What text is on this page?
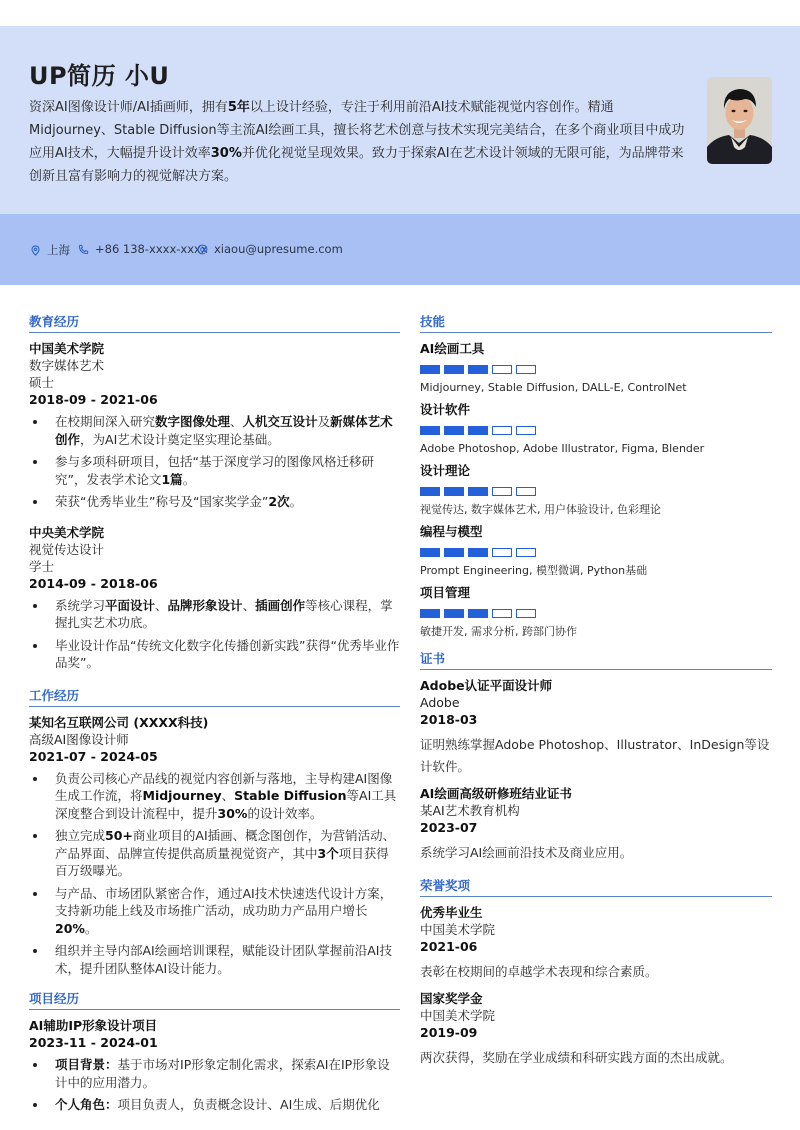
UP简历 小U
资深AI图像设计师/AI插画师，拥有5年以上设计经验，专注于利用前沿AI技术赋能视觉内容创作。精通Midjourney、Stable Diffusion等主流AI绘画工具，擅长将艺术创意与技术实现完美结合，在多个商业项目中成功应用AI技术，大幅提升设计效率30%并优化视觉呈现效果。致力于探索AI在艺术设计领域的无限可能，为品牌带来创新且富有影响力的视觉解决方案。
上海 +86 138-xxxx-xxxx xiaou@upresume.com
教育经历
中国美术学院
数字媒体艺术
硕士
2018-09 - 2021-06
在校期间深入研究数字图像处理、人机交互设计及新媒体艺术创作，为AI艺术设计奠定坚实理论基础。
参与多项科研项目，包括“基于深度学习的图像风格迁移研究”，发表学术论文1篇。
荣获“优秀毕业生”称号及“国家奖学金”2次。
中央美术学院
视觉传达设计
学士
2014-09 - 2018-06
系统学习平面设计、品牌形象设计、插画创作等核心课程，掌握扎实艺术功底。
毕业设计作品“传统文化数字化传播创新实践”获得“优秀毕业作品奖”。
工作经历
某知名互联网公司 (XXXX科技)
高级AI图像设计师
2021-07 - 2024-05
负责公司核心产品线的视觉内容创新与落地，主导构建AI图像生成工作流，将Midjourney、Stable Diffusion等AI工具深度整合到设计流程中，提升30%的设计效率。
独立完成50+商业项目的AI插画、概念图创作，为营销活动、产品界面、品牌宣传提供高质量视觉资产，其中3个项目获得百万级曝光。
与产品、市场团队紧密合作，通过AI技术快速迭代设计方案，支持新功能上线及市场推广活动，成功助力产品用户增长20%。
组织并主导内部AI绘画培训课程，赋能设计团队掌握前沿AI技术，提升团队整体AI设计能力。
项目经历
AI辅助IP形象设计项目
2023-11 - 2024-01
项目背景：基于市场对IP形象定制化需求，探索AI在IP形象设计中的应用潜力。
个人角色：项目负责人，负责概念设计、AI生成、后期优化
技能
AI绘画工具
Midjourney, Stable Diffusion, DALL-E, ControlNet
设计软件
Adobe Photoshop, Adobe Illustrator, Figma, Blender
设计理论
视觉传达, 数字媒体艺术, 用户体验设计, 色彩理论
编程与模型
Prompt Engineering, 模型微调, Python基础
项目管理
敏捷开发, 需求分析, 跨部门协作
证书
Adobe认证平面设计师
Adobe
2018-03
证明熟练掌握Adobe Photoshop、Illustrator、InDesign等设计软件。
AI绘画高级研修班结业证书
某AI艺术教育机构
2023-07
系统学习AI绘画前沿技术及商业应用。
荣誉奖项
优秀毕业生
中国美术学院
2021-06
表彰在校期间的卓越学术表现和综合素质。
国家奖学金
中国美术学院
2019-09
两次获得，奖励在学业成绩和科研实践方面的杰出成就。
